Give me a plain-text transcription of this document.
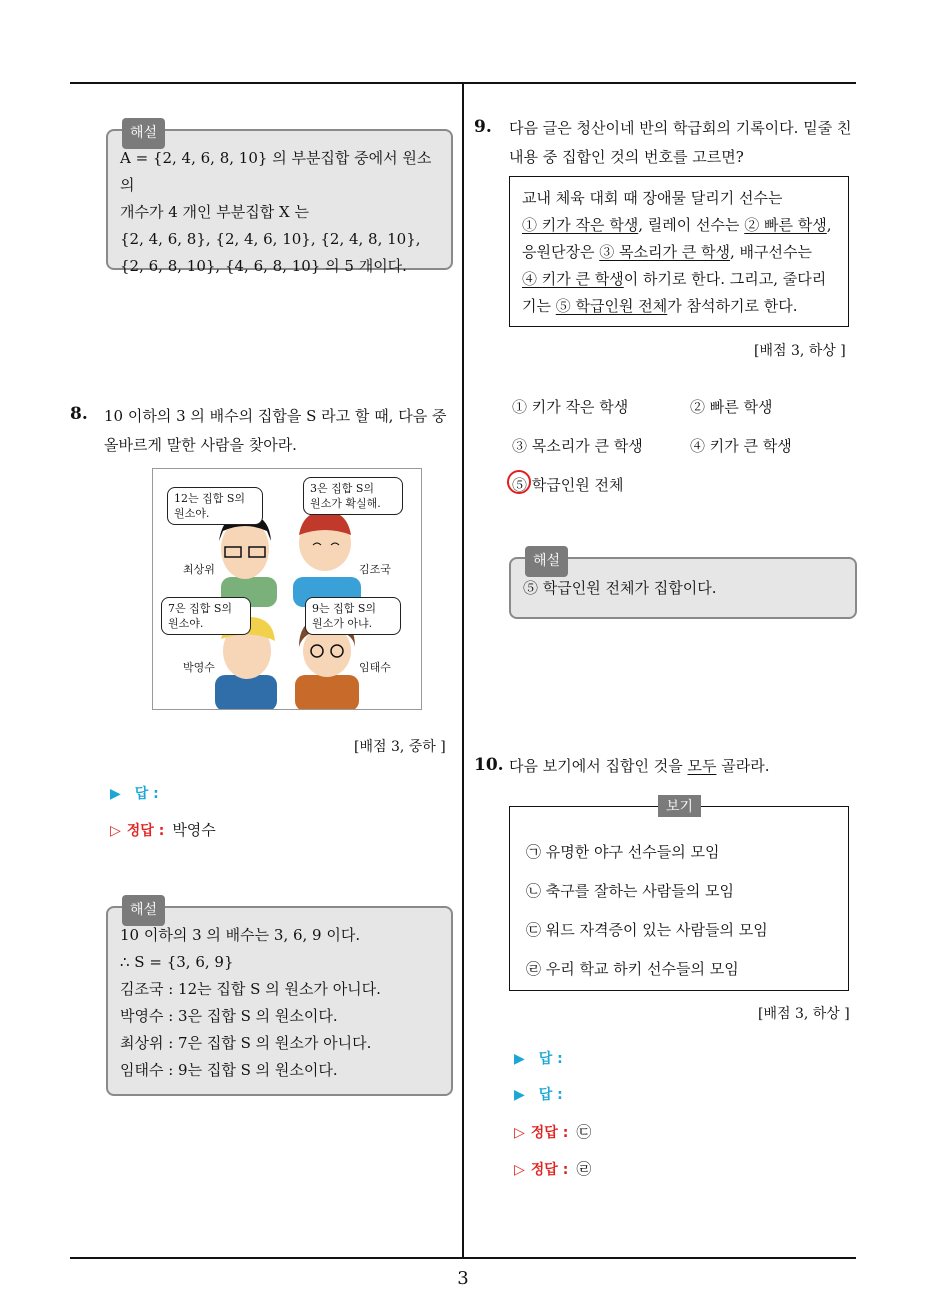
해설
A = {2, 4, 6, 8, 10} 의 부분집합 중에서 원소의
개수가 4 개인 부분집합 X 는
{2, 4, 6, 8}, {2, 4, 6, 10}, {2, 4, 8, 10},
{2, 6, 8, 10}, {4, 6, 8, 10} 의 5 개이다.
8. 10 이하의 3 의 배수의 집합을 S 라고 할 때, 다음 중
올바르게 말한 사람을 찾아라.
12는 집합 S의
원소야.
3은 집합 S의
원소가 확실해.
7은 집합 S의
원소야.
9는 집합 S의
원소가 아냐.
최상위	김조국
박영수	임태수
[배점 3, 중하 ]
▶ 답 :
▷ 정답 : 박영수
해설
10 이하의 3 의 배수는 3, 6, 9 이다.
∴ S = {3, 6, 9}
김조국 : 12는 집합 S 의 원소가 아니다.
박영수 : 3은 집합 S 의 원소이다.
최상위 : 7은 집합 S 의 원소가 아니다.
임태수 : 9는 집합 S 의 원소이다.
9. 다음 글은 청산이네 반의 학급회의 기록이다. 밑줄 친
내용 중 집합인 것의 번호를 고르면?
교내 체육 대회 때 장애물 달리기 선수는
① 키가 작은 학생, 릴레이 선수는 ② 빠른 학생,
응원단장은 ③ 목소리가 큰 학생, 배구선수는
④ 키가 큰 학생이 하기로 한다. 그리고, 줄다리
기는 ⑤ 학급인원 전체가 참석하기로 한다.
[배점 3, 하상 ]
① 키가 작은 학생	② 빠른 학생
③ 목소리가 큰 학생	④ 키가 큰 학생
⑤ 학급인원 전체
해설
⑤ 학급인원 전체가 집합이다.
10. 다음 보기에서 집합인 것을 모두 골라라.
㉠ 유명한 야구 선수들의 모임
㉡ 축구를 잘하는 사람들의 모임
㉢ 워드 자격증이 있는 사람들의 모임
㉣ 우리 학교 하키 선수들의 모임
보기
[배점 3, 하상 ]
▶ 답 :
▶ 답 :
▷ 정답 : ㉢
▷ 정답 : ㉣
3
